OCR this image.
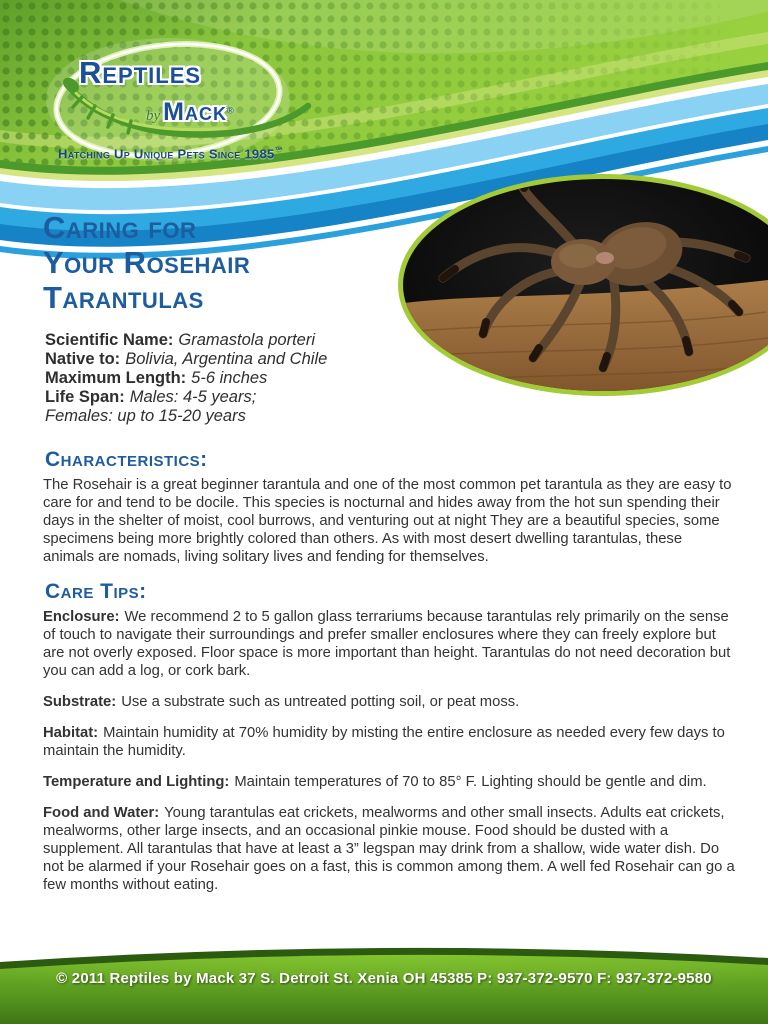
Reptiles
by Mack®
Hatching Up Unique Pets Since 1985™
Caring for
Your Rosehair
Tarantulas
Scientific Name: Gramastola porteri
Native to: Bolivia, Argentina and Chile
Maximum Length: 5-6 inches
Life Span: Males: 4-5 years;
Females: up to 15-20 years
Characteristics:

The Rosehair is a great beginner tarantula and one of the most common pet tarantula as they are easy to care for and tend to be docile. This species is nocturnal and hides away from the hot sun spending their days in the shelter of moist, cool burrows, and venturing out at night They are a beautiful species, some specimens being more brightly colored than others. As with most desert dwelling tarantulas, these animals are nomads, living solitary lives and fending for themselves.

Care Tips:

Enclosure: We recommend 2 to 5 gallon glass terrariums because tarantulas rely primarily on the sense of touch to navigate their surroundings and prefer smaller enclosures where they can freely explore but are not overly exposed. Floor space is more important than height. Tarantulas do not need decoration but you can add a log, or cork bark.

Substrate: Use a substrate such as untreated potting soil, or peat moss.

Habitat: Maintain humidity at 70% humidity by misting the entire enclosure as needed every few days to maintain the humidity.

Temperature and Lighting: Maintain temperatures of 70 to 85° F. Lighting should be gentle and dim.

Food and Water: Young tarantulas eat crickets, mealworms and other small insects. Adults eat crickets, mealworms, other large insects, and an occasional pinkie mouse. Food should be dusted with a supplement. All tarantulas that have at least a 3” legspan may drink from a shallow, wide water dish. Do not be alarmed if your Rosehair goes on a fast, this is common among them. A well fed Rosehair can go a few months without eating.

© 2011 Reptiles by Mack 37 S. Detroit St. Xenia OH 45385 P: 937-372-9570 F: 937-372-9580
